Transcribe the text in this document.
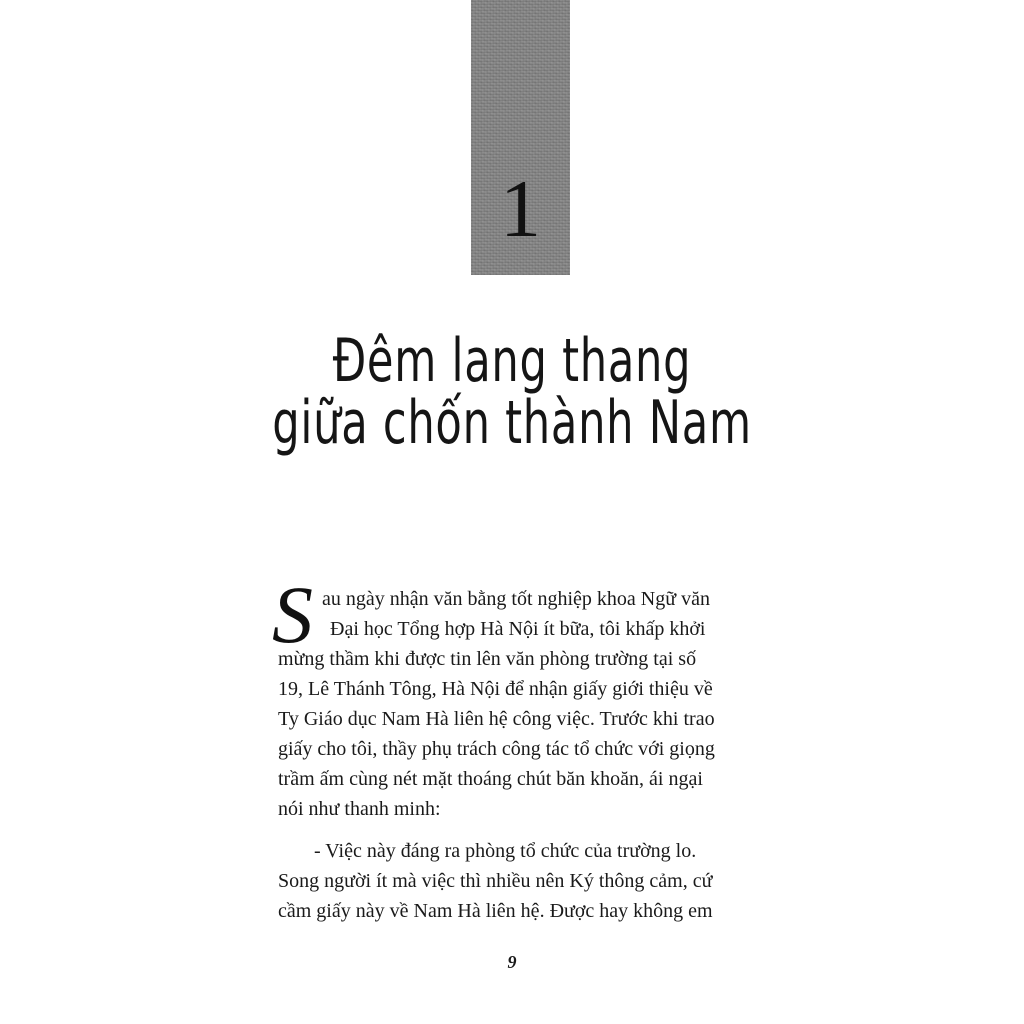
1
Đêm lang thang
giữa chốn thành Nam
S au ngày nhận văn bằng tốt nghiệp khoa Ngữ văn
Đại học Tổng hợp Hà Nội ít bữa, tôi khấp khởi
mừng thầm khi được tin lên văn phòng trường tại số
19, Lê Thánh Tông, Hà Nội để nhận giấy giới thiệu về
Ty Giáo dục Nam Hà liên hệ công việc. Trước khi trao
giấy cho tôi, thầy phụ trách công tác tổ chức với giọng
trầm ấm cùng nét mặt thoáng chút băn khoăn, ái ngại
nói như thanh minh:

- Việc này đáng ra phòng tổ chức của trường lo.
Song người ít mà việc thì nhiều nên Ký thông cảm, cứ
cầm giấy này về Nam Hà liên hệ. Được hay không em

9
